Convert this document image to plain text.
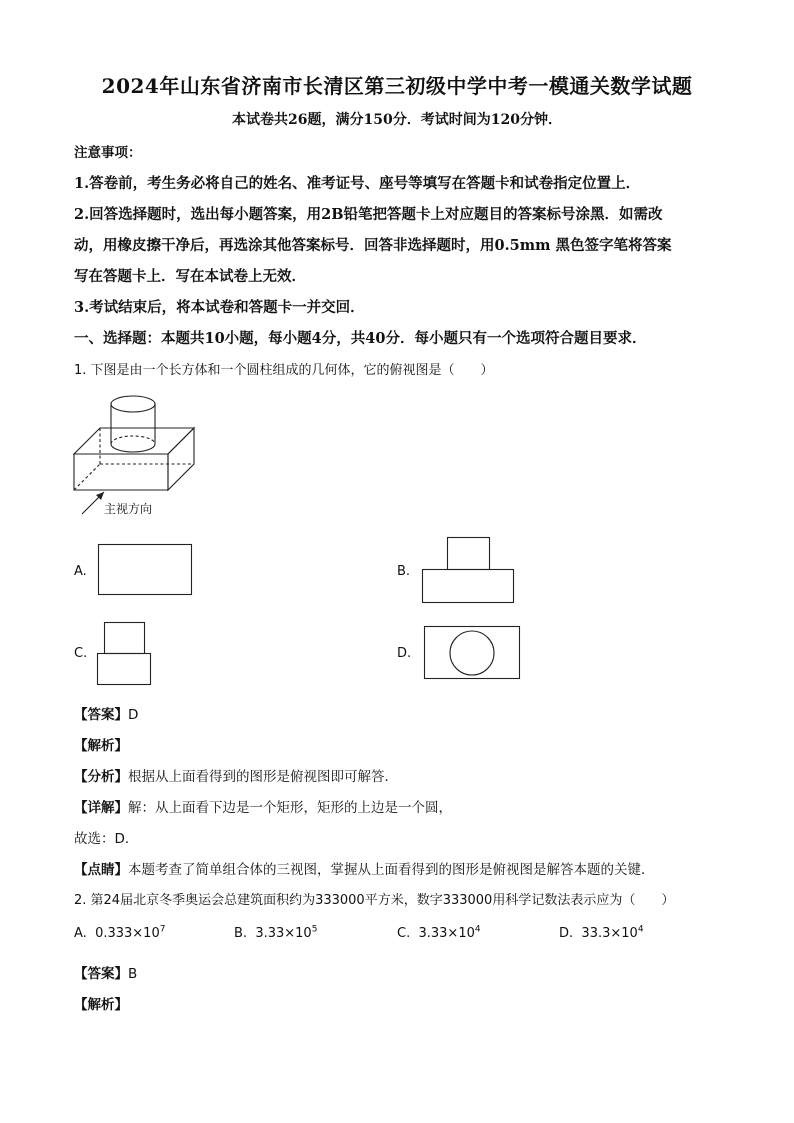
2024年山东省济南市长清区第三初级中学中考一模通关数学试题
本试卷共26题，满分150分．考试时间为120分钟．
注意事项：
1.答卷前，考生务必将自己的姓名、准考证号、座号等填写在答题卡和试卷指定位置上．
2.回答选择题时，选出每小题答案，用2B铅笔把答题卡上对应题目的答案标号涂黑．如需改
动，用橡皮擦干净后，再选涂其他答案标号．回答非选择题时，用0.5mm 黑色签字笔将答案
写在答题卡上．写在本试卷上无效．
3.考试结束后，将本试卷和答题卡一并交回．
一、选择题：本题共10小题，每小题4分，共40分．每小题只有一个选项符合题目要求．
1. 下图是由一个长方体和一个圆柱组成的几何体，它的俯视图是（　　）
主视方向
A.	B.
C.	D.
【答案】D
【解析】
【分析】根据从上面看得到的图形是俯视图即可解答．
【详解】解：从上面看下边是一个矩形，矩形的上边是一个圆，
故选：D．
【点睛】本题考查了简单组合体的三视图，掌握从上面看得到的图形是俯视图是解答本题的关键．
2. 第24届北京冬季奥运会总建筑面积约为333000平方米，数字333000用科学记数法表示应为（　　）
A. $0.333\times 10^7$	B. $3.33\times 10^5$	C. $3.33\times 10^4$	D. $33.3\times 10^4$
【答案】B
【解析】
